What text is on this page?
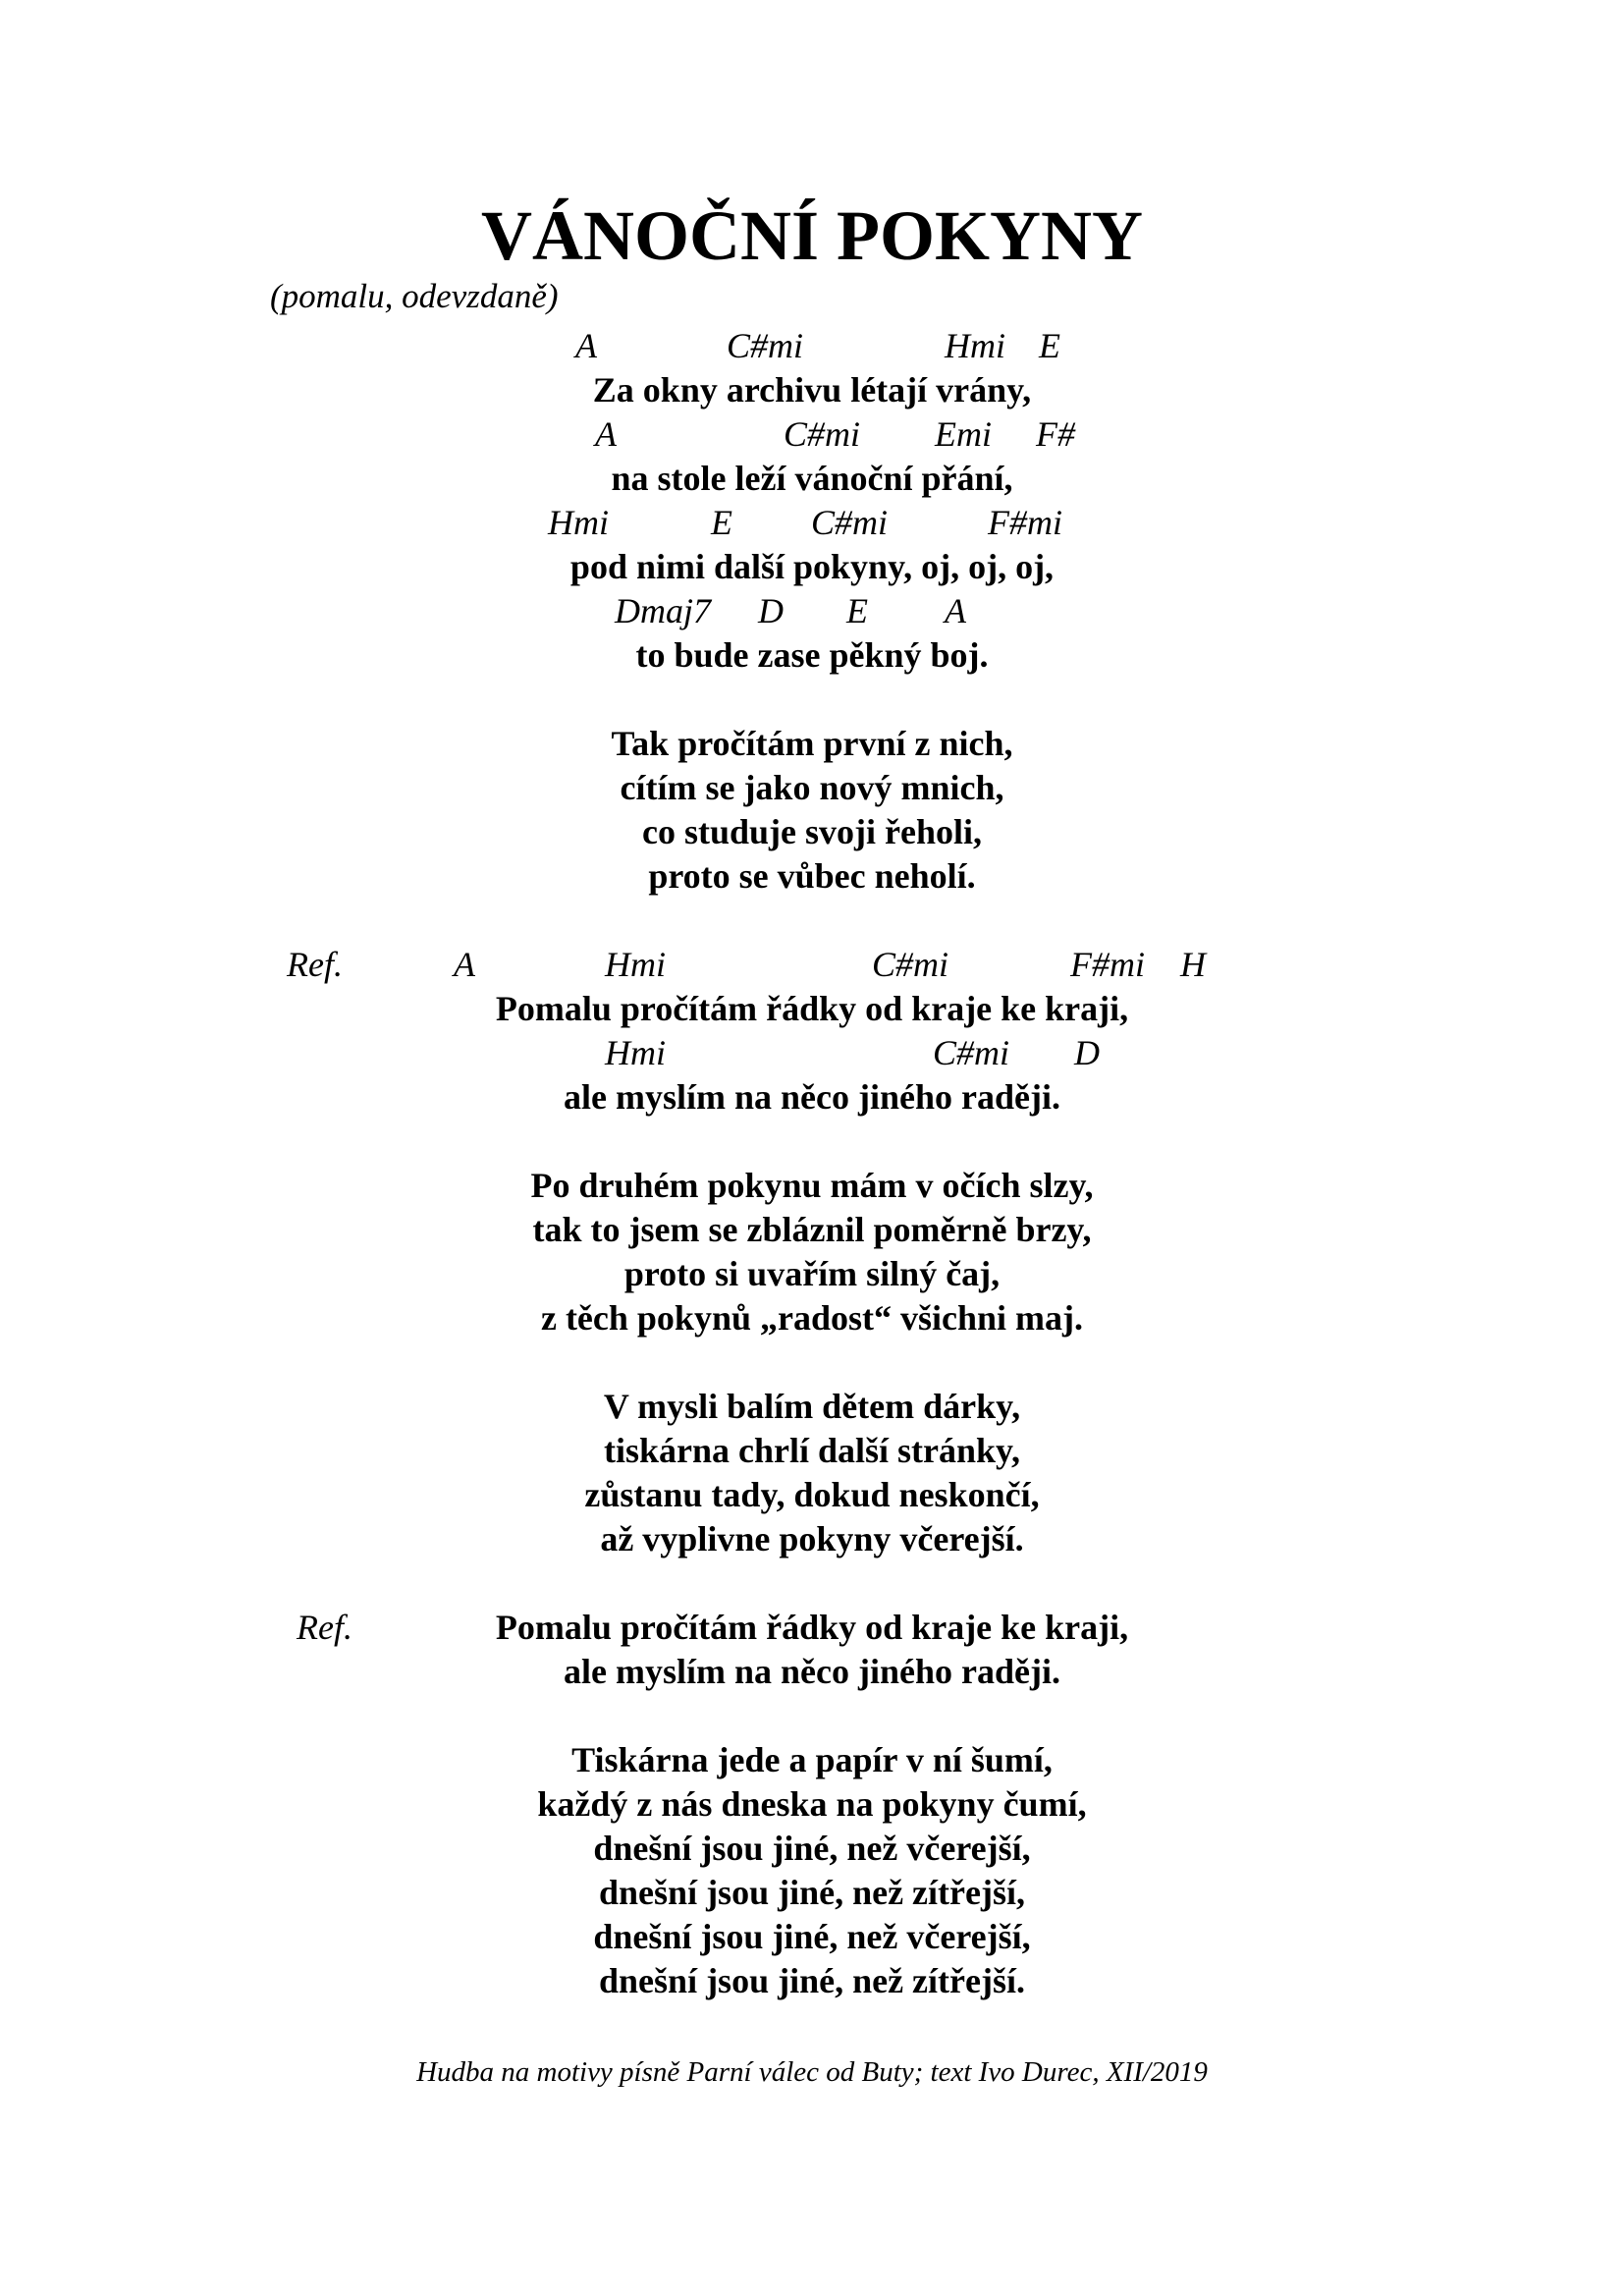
VÁNOČNÍ POKYNY
(pomalu, odevzdaně)
A	C#mi	Hmi E
Za okny archivu létají vrány,
A	C#mi Emi F#
na stole leží vánoční přání,
Hmi	E C#mi	F#mi
pod nimi další pokyny, oj, oj, oj,
Dmaj7 D E A
to bude zase pěkný boj.
Tak pročítám první z nich,
cítím se jako nový mnich,
co studuje svoji řeholi,
proto se vůbec neholí.
Ref.	A	Hmi	C#mi	F#mi H
Pomalu pročítám řádky od kraje ke kraji,
Hmi	C#mi D
ale myslím na něco jiného raději.
Po druhém pokynu mám v očích slzy,
tak to jsem se zbláznil poměrně brzy,
proto si uvařím silný čaj,
z těch pokynů „radost“ všichni maj.
V mysli balím dětem dárky,
tiskárna chrlí další stránky,
zůstanu tady, dokud neskončí,
až vyplivne pokyny včerejší.
Ref.	Pomalu pročítám řádky od kraje ke kraji,
ale myslím na něco jiného raději.
Tiskárna jede a papír v ní šumí,
každý z nás dneska na pokyny čumí,
dnešní jsou jiné, než včerejší,
dnešní jsou jiné, než zítřejší,
dnešní jsou jiné, než včerejší,
dnešní jsou jiné, než zítřejší.
Hudba na motivy písně Parní válec od Buty; text Ivo Durec, XII/2019
